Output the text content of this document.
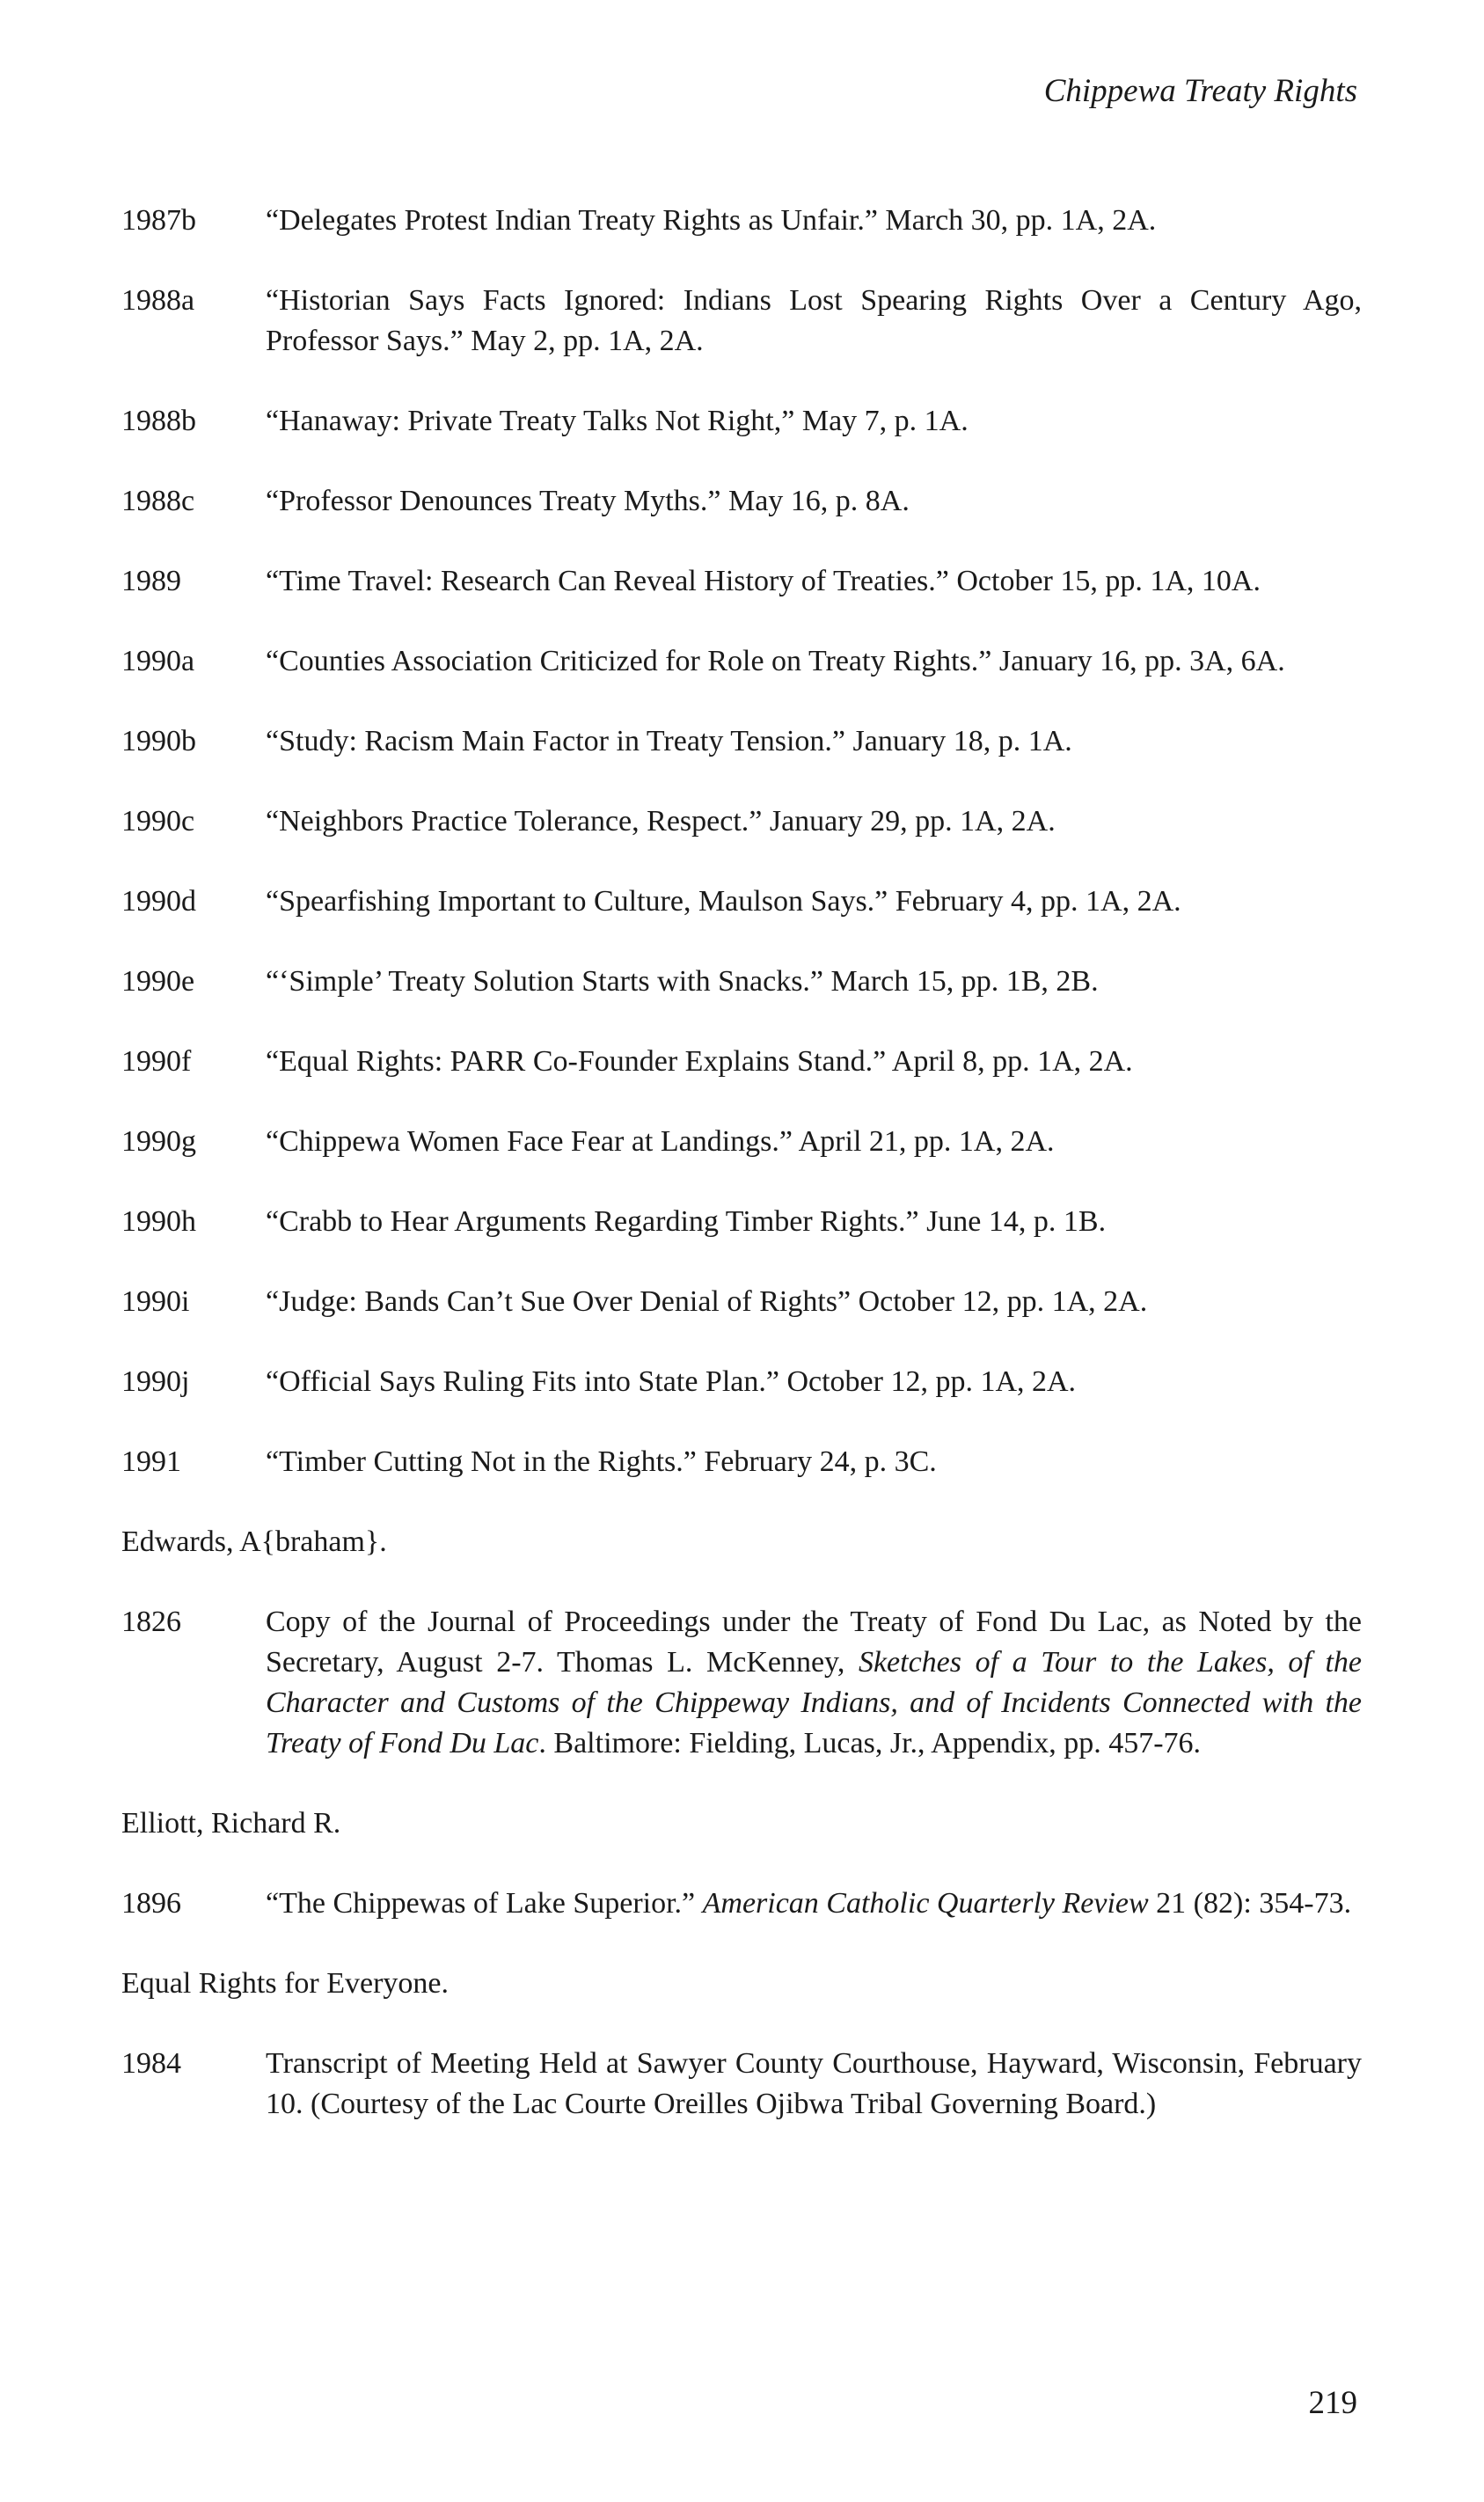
Chippewa Treaty Rights
1987b	“Delegates Protest Indian Treaty Rights as Unfair.” March 30, pp. 1A, 2A.
1988a	“Historian Says Facts Ignored: Indians Lost Spearing Rights Over a Century Ago, Professor Says.” May 2, pp. 1A, 2A.
1988b	“Hanaway: Private Treaty Talks Not Right,” May 7, p. 1A.
1988c	“Professor Denounces Treaty Myths.” May 16, p. 8A.
1989	“Time Travel: Research Can Reveal History of Treaties.” October 15, pp. 1A, 10A.
1990a	“Counties Association Criticized for Role on Treaty Rights.” January 16, pp. 3A, 6A.
1990b	“Study: Racism Main Factor in Treaty Tension.” January 18, p. 1A.
1990c	“Neighbors Practice Tolerance, Respect.” January 29, pp. 1A, 2A.
1990d	“Spearfishing Important to Culture, Maulson Says.” February 4, pp. 1A, 2A.
1990e	“‘Simple’ Treaty Solution Starts with Snacks.” March 15, pp. 1B, 2B.
1990f	“Equal Rights: PARR Co-Founder Explains Stand.” April 8, pp. 1A, 2A.
1990g	“Chippewa Women Face Fear at Landings.” April 21, pp. 1A, 2A.
1990h	“Crabb to Hear Arguments Regarding Timber Rights.” June 14, p. 1B.
1990i	“Judge: Bands Can’t Sue Over Denial of Rights” October 12, pp. 1A, 2A.
1990j	“Official Says Ruling Fits into State Plan.” October 12, pp. 1A, 2A.
1991	“Timber Cutting Not in the Rights.” February 24, p. 3C.
Edwards, A{braham}.
1826	Copy of the Journal of Proceedings under the Treaty of Fond Du Lac, as Noted by the Secretary, August 2-7. Thomas L. McKenney, Sketches of a Tour to the Lakes, of the Character and Customs of the Chippeway Indians, and of Incidents Connected with the Treaty of Fond Du Lac. Baltimore: Fielding, Lucas, Jr., Appendix, pp. 457-76.
Elliott, Richard R.
1896	“The Chippewas of Lake Superior.” American Catholic Quarterly Review 21 (82): 354-73.
Equal Rights for Everyone.
1984	Transcript of Meeting Held at Sawyer County Courthouse, Hayward, Wisconsin, February 10. (Courtesy of the Lac Courte Oreilles Ojibwa Tribal Governing Board.)
219
